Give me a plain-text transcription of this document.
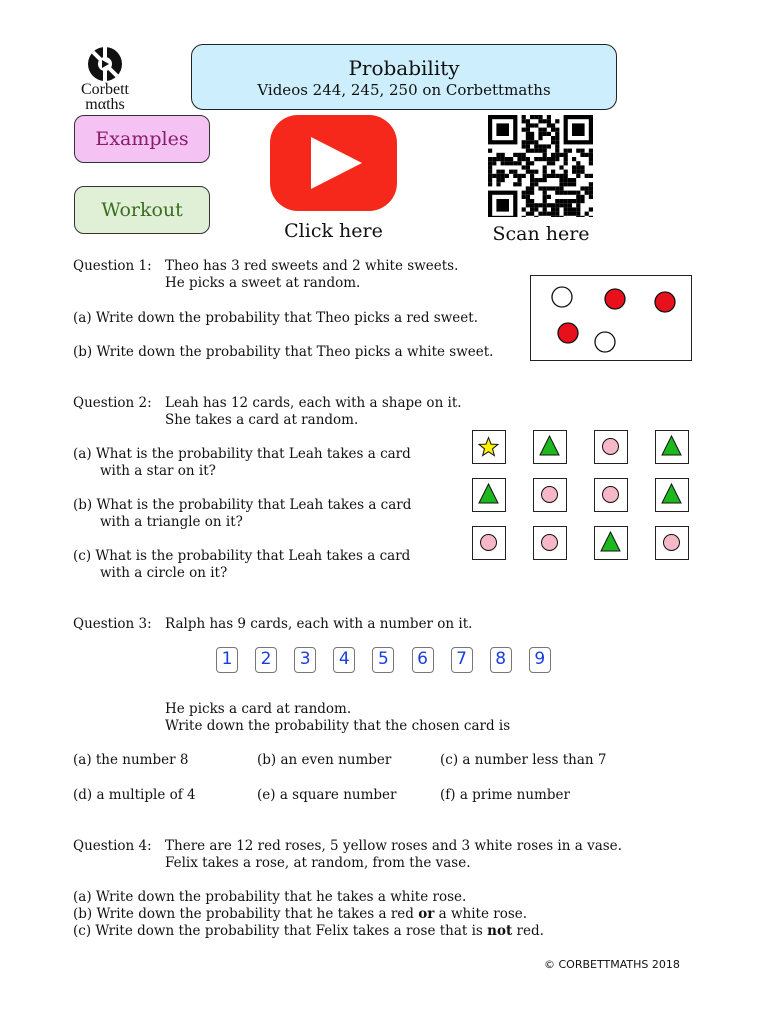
Corbett
mαths
Probability
Videos 244, 245, 250 on Corbettmaths
Examples
Workout
Click here	Scan here
Question 1: Theo has 3 red sweets and 2 white sweets.
He picks a sweet at random.
(a) Write down the probability that Theo picks a red sweet.
(b) Write down the probability that Theo picks a white sweet.
Question 2: Leah has 12 cards, each with a shape on it.
She takes a card at random.
(a) What is the probability that Leah takes a card
with a star on it?
(b) What is the probability that Leah takes a card
with a triangle on it?
(c) What is the probability that Leah takes a card
with a circle on it?
Question 3: Ralph has 9 cards, each with a number on it.
1	2	3	4	5	6	7	8	9
He picks a card at random.
Write down the probability that the chosen card is
(a) the number 8	(b) an even number	(c) a number less than 7
(d) a multiple of 4	(e) a square number	(f) a prime number
Question 4: There are 12 red roses, 5 yellow roses and 3 white roses in a vase.
Felix takes a rose, at random, from the vase.
(a) Write down the probability that he takes a white rose.
(b) Write down the probability that he takes a red or a white rose.
(c) Write down the probability that Felix takes a rose that is not red.
© CORBETTMATHS 2018
